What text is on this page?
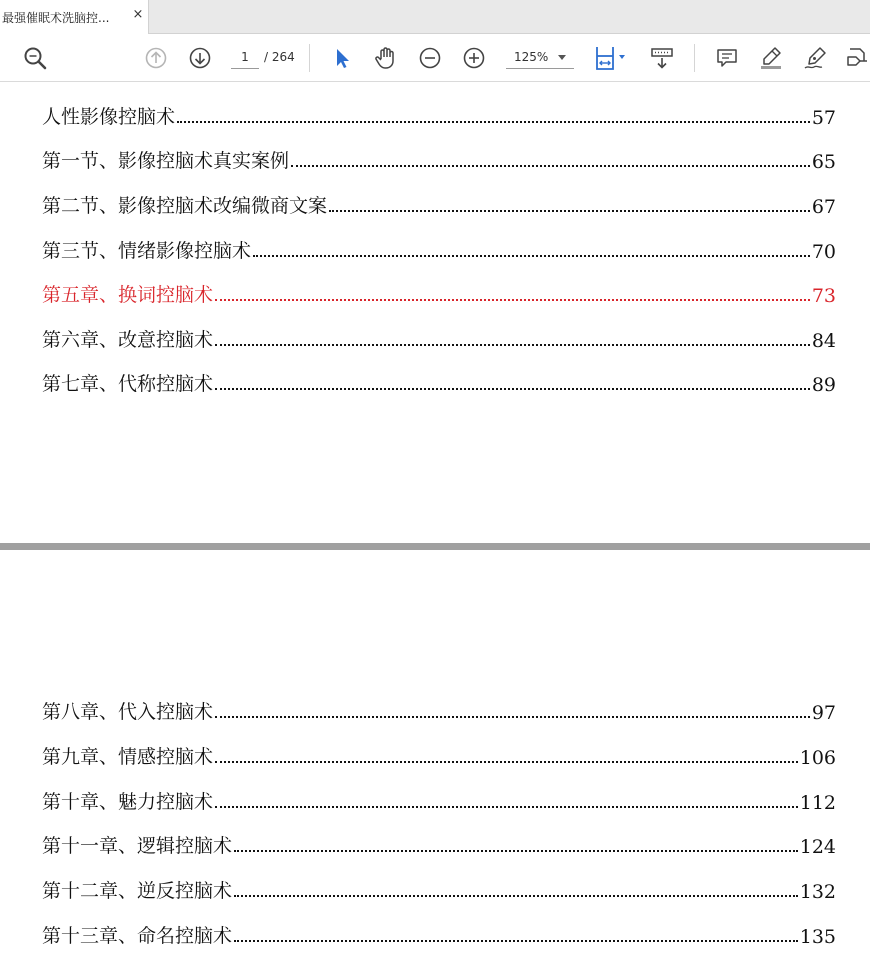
最强催眠术洗脑控... ×
1
/ 264	125%
人性影像控脑术	57
第一节、影像控脑术真实案例	65
第二节、影像控脑术改编微商文案	67
第三节、情绪影像控脑术	70
第五章、换词控脑术	73
第六章、改意控脑术	84
第七章、代称控脑术	89
第八章、代入控脑术	97
第九章、情感控脑术	106
第十章、魅力控脑术	112
第十一章、逻辑控脑术	124
第十二章、逆反控脑术	132
第十三章、命名控脑术	135
